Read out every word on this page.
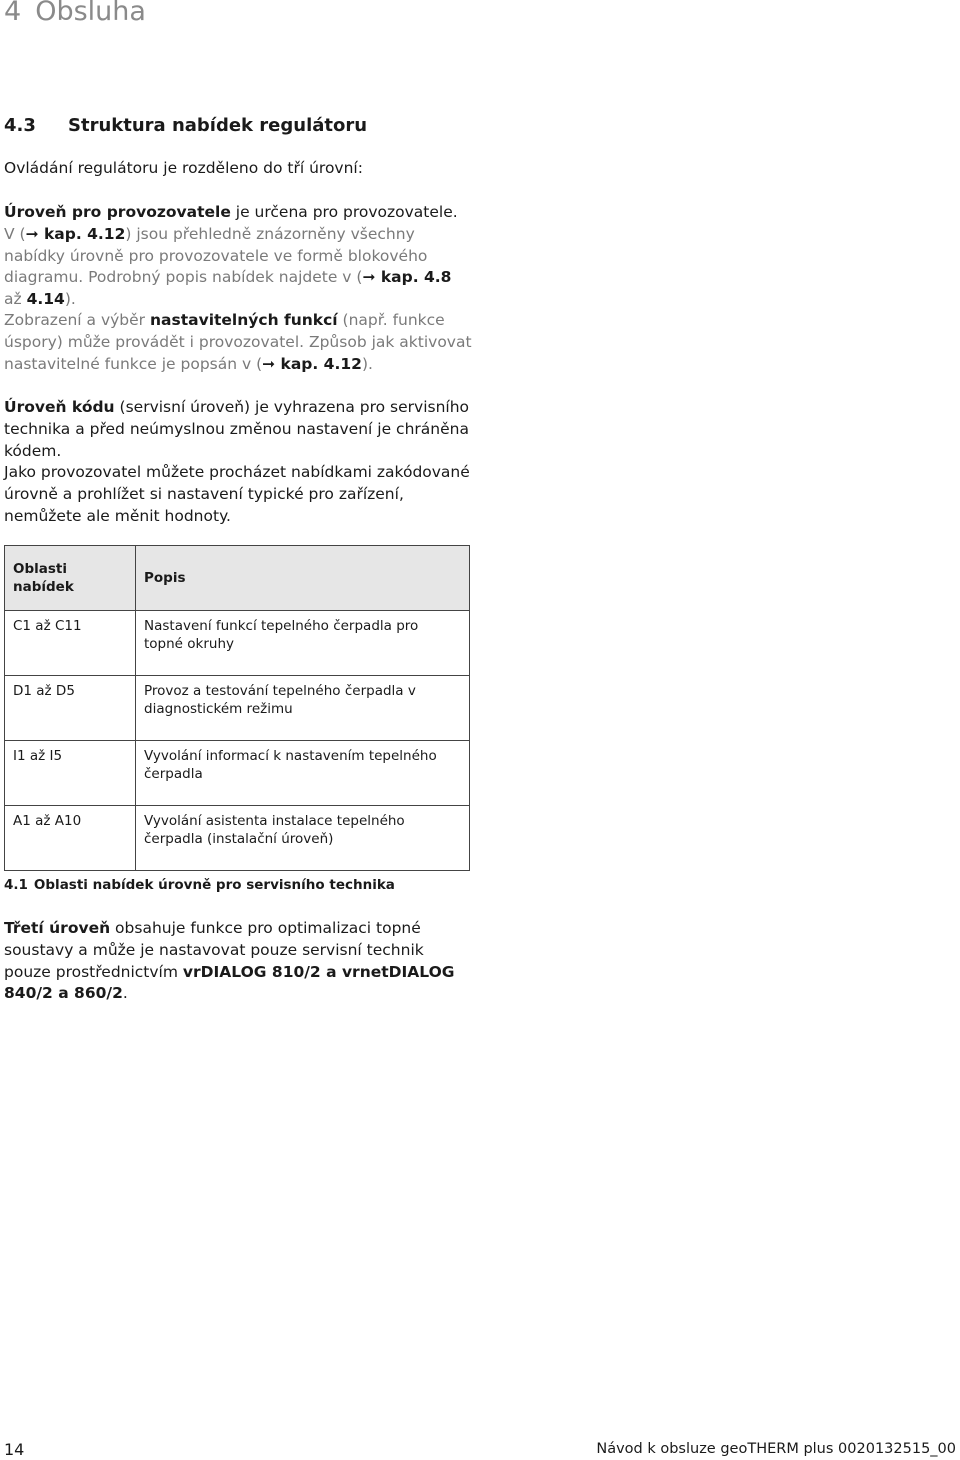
4 Obsluha
4.3 Struktura nabídek regulátoru
Ovládání regulátoru je rozděleno do tří úrovní:
Úroveň pro provozovatele je určena pro provozovatele.
V (➞ kap. 4.12) jsou přehledně znázorněny všechny nabídky úrovně pro provozovatele ve formě blokového diagramu. Podrobný popis nabídek najdete v (➞ kap. 4.8 až 4.14).
Zobrazení a výběr nastavitelných funkcí (např. funkce úspory) může provádět i provozovatel. Způsob jak aktivovat nastavitelné funkce je popsán v (➞ kap. 4.12).
Úroveň kódu (servisní úroveň) je vyhrazena pro servisního technika a před neúmyslnou změnou nastavení je chráněna kódem.
Jako provozovatel můžete procházet nabídkami zakódované úrovně a prohlížet si nastavení typické pro zařízení, nemůžete ale měnit hodnoty.
Oblasti nabídek	Popis

C1 až C11	Nastavení funkcí tepelného čerpadla pro topné okruhy

D1 až D5	Provoz a testování tepelného čerpadla v diagnostickém režimu

I1 až I5	Vyvolání informací k nastavením tepelného čerpadla

A1 až A10	Vyvolání asistenta instalace tepelného čerpadla (instalační úroveň)
4.1 Oblasti nabídek úrovně pro servisního technika
Třetí úroveň obsahuje funkce pro optimalizaci topné soustavy a může je nastavovat pouze servisní technik pouze prostřednictvím vrDIALOG 810/2 a vrnetDIALOG 840/2 a 860/2.
14	Návod k obsluze geoTHERM plus 0020132515_00
